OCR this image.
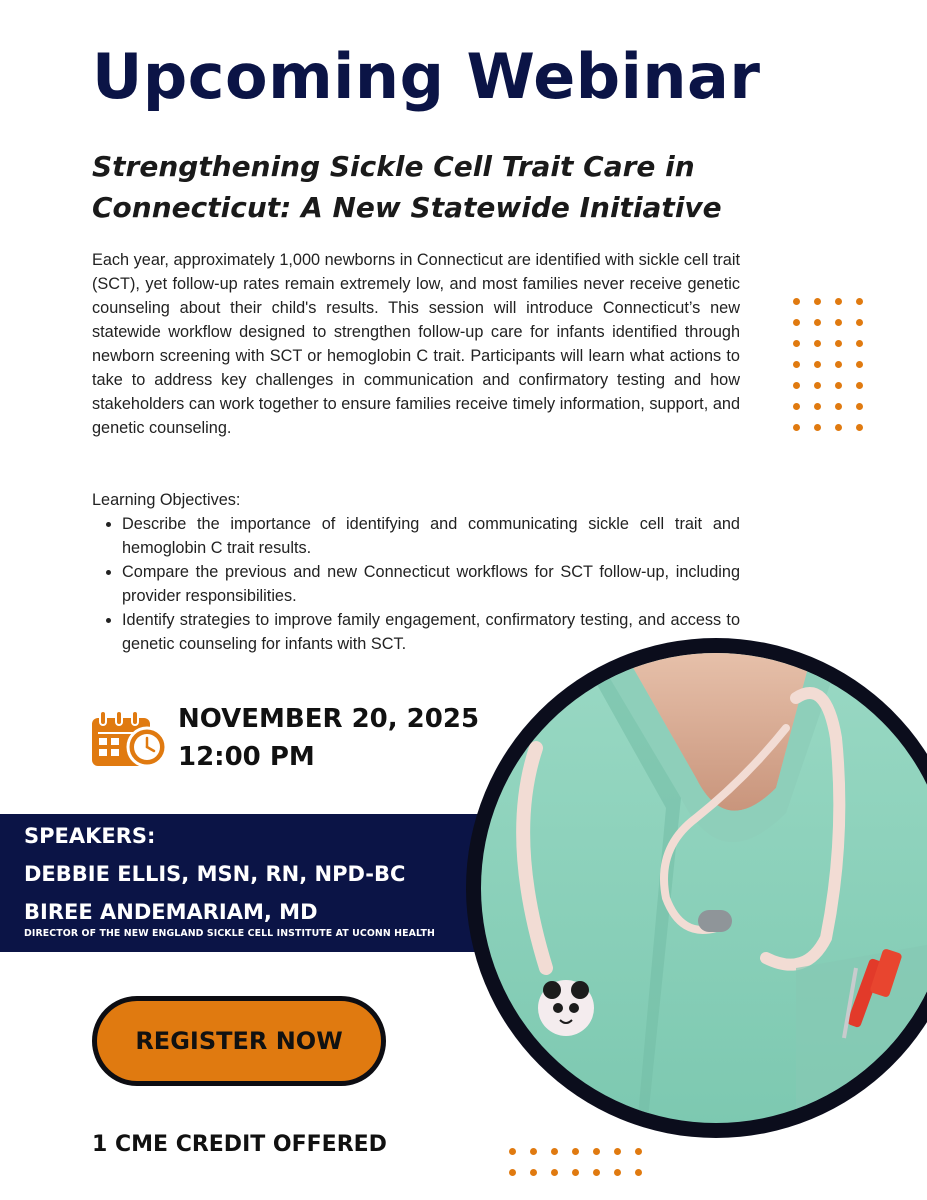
Upcoming Webinar
Strengthening Sickle Cell Trait Care in Connecticut: A New Statewide Initiative

Each year, approximately 1,000 newborns in Connecticut are identified with sickle cell trait (SCT), yet follow-up rates remain extremely low, and most families never receive genetic counseling about their child's results. This session will introduce Connecticut’s new statewide workflow designed to strengthen follow-up care for infants identified through newborn screening with SCT or hemoglobin C trait. Participants will learn what actions to take to address key challenges in communication and confirmatory testing and how stakeholders can work together to ensure families receive timely information, support, and genetic counseling.

Learning Objectives:
• Describe the importance of identifying and communicating sickle cell trait and hemoglobin C trait results.
• Compare the previous and new Connecticut workflows for SCT follow-up, including provider responsibilities.
• Identify strategies to improve family engagement, confirmatory testing, and access to genetic counseling for infants with SCT.
NOVEMBER 20, 2025
12:00 PM
SPEAKERS:
DEBBIE ELLIS, MSN, RN, NPD-BC
BIREE ANDEMARIAM, MD
DIRECTOR OF THE NEW ENGLAND SICKLE CELL INSTITUTE AT UCONN HEALTH
REGISTER NOW
1 CME CREDIT OFFERED
